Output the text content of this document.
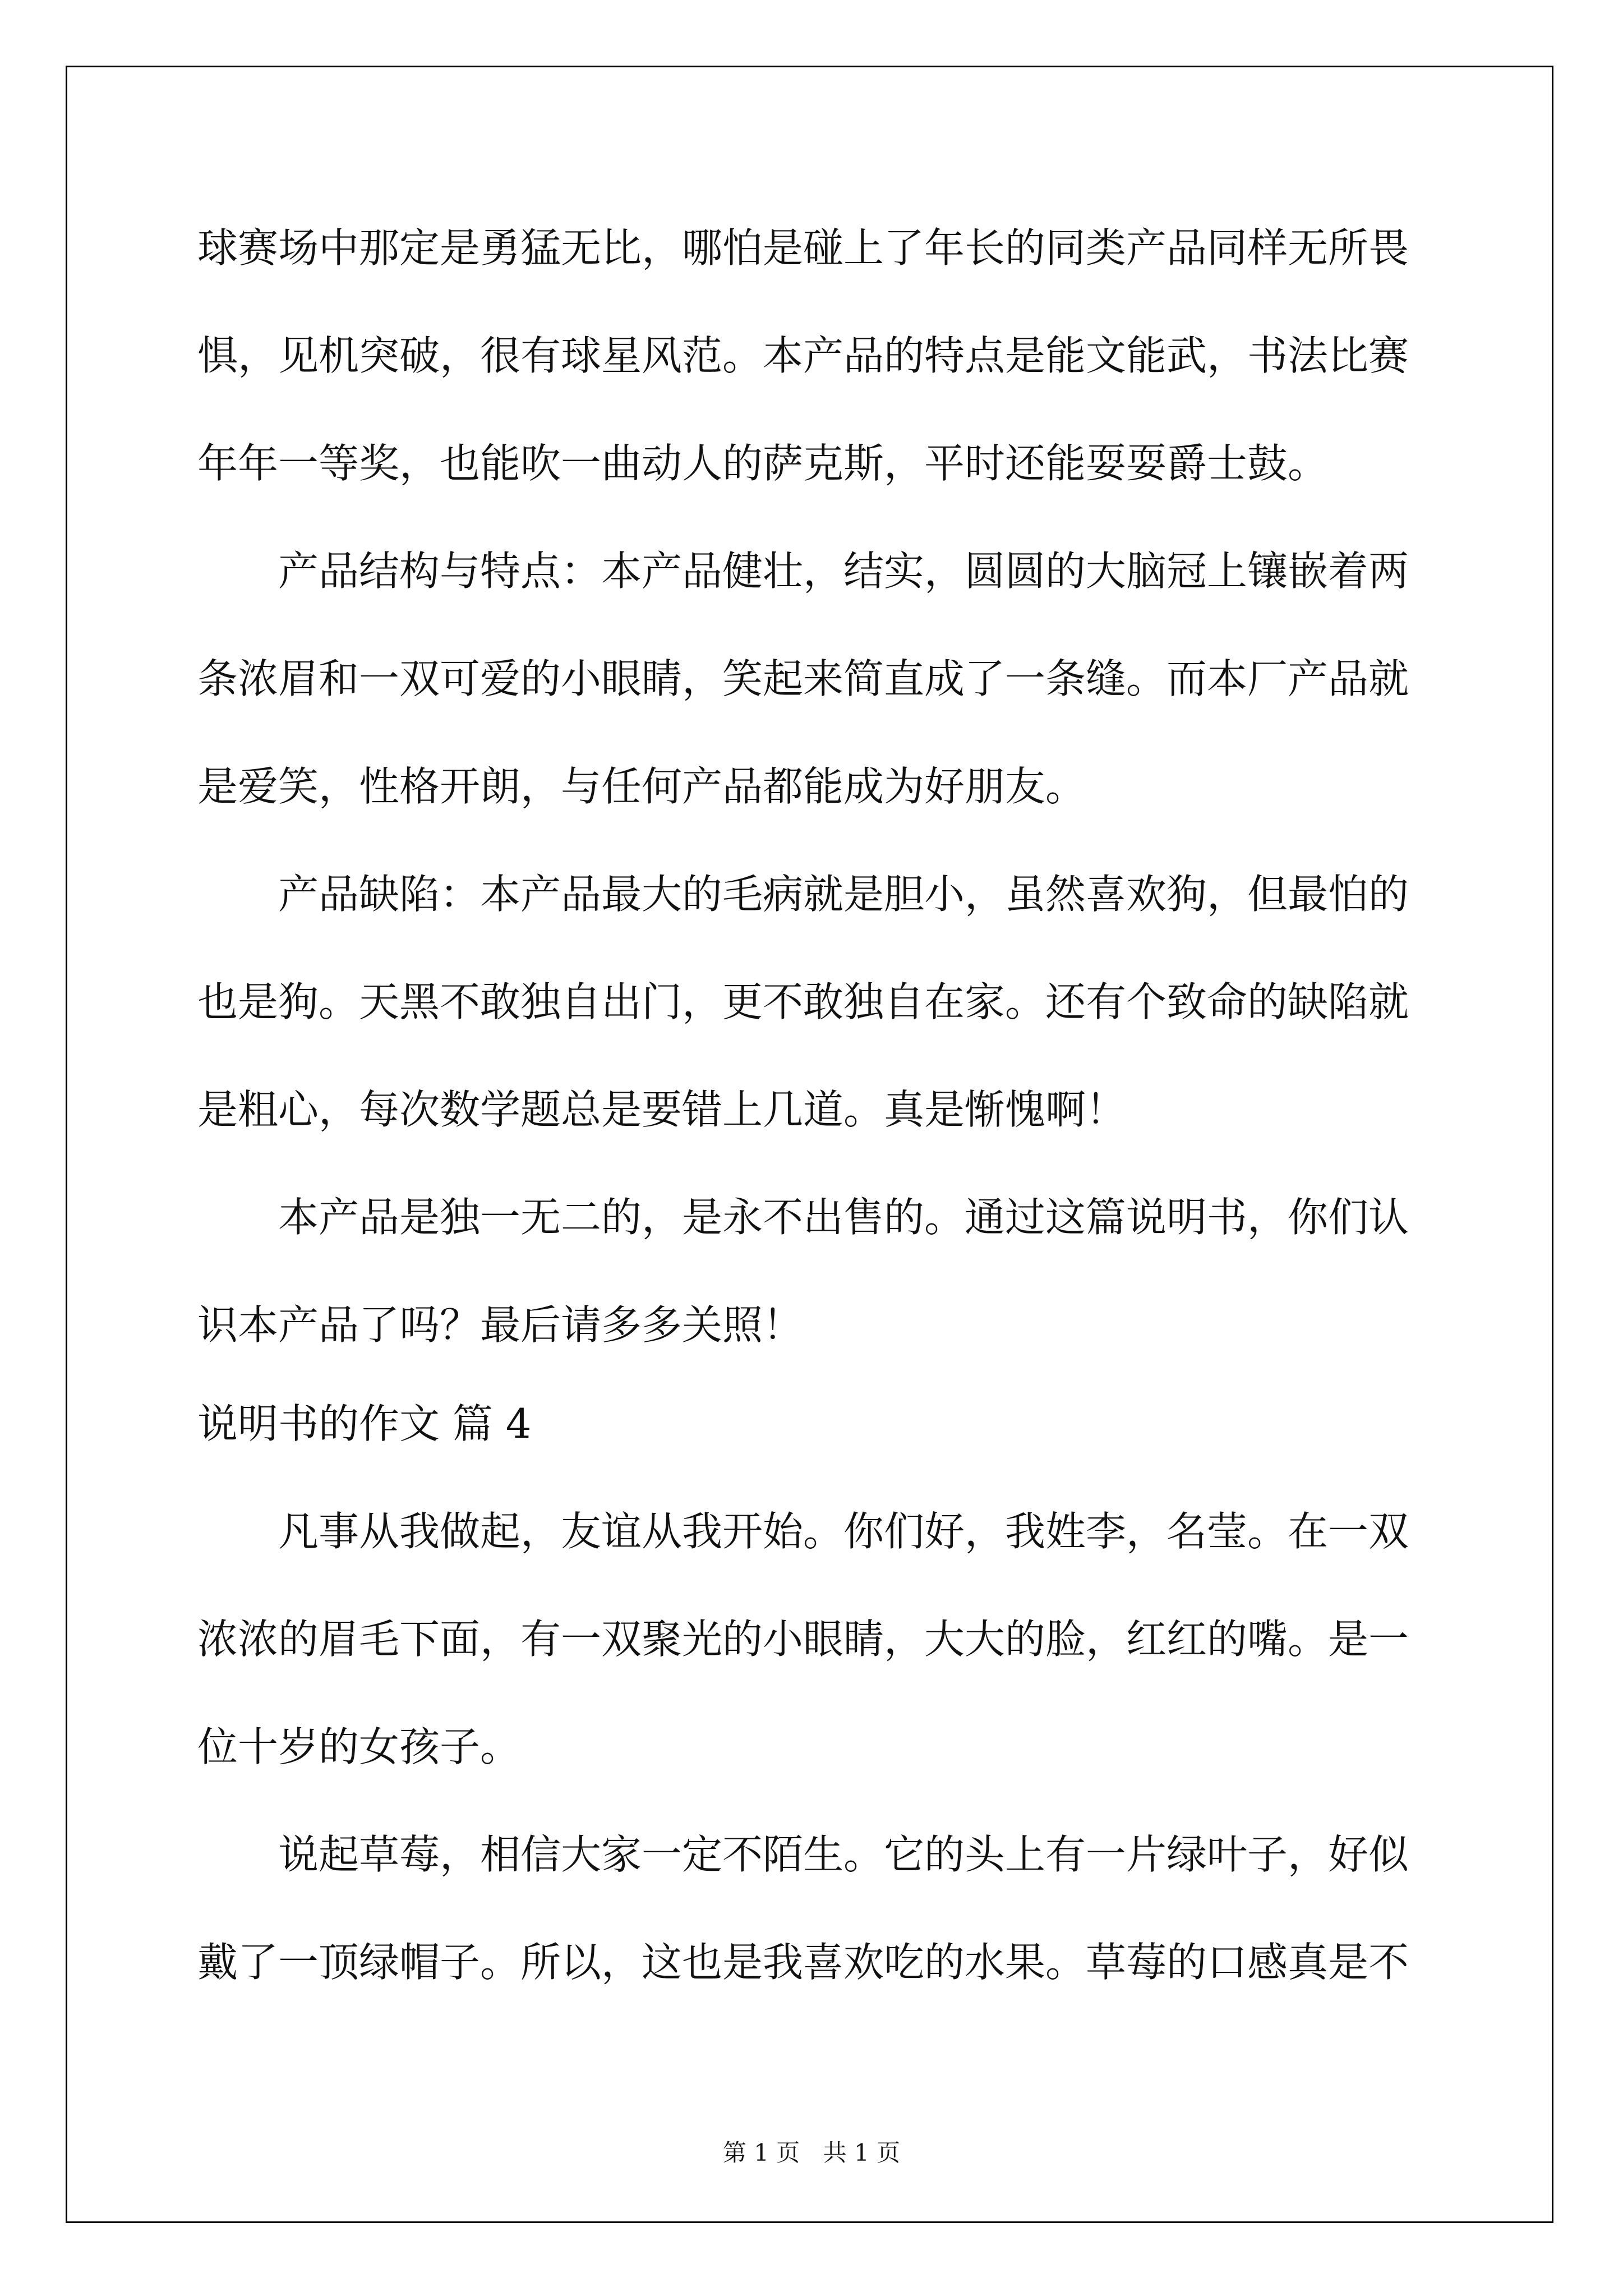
球赛场中那定是勇猛无比，哪怕是碰上了年长的同类产品同样无所畏
惧，见机突破，很有球星风范。本产品的特点是能文能武，书法比赛
年年一等奖，也能吹一曲动人的萨克斯，平时还能耍耍爵士鼓。
产品结构与特点：本产品健壮，结实，圆圆的大脑冠上镶嵌着两
条浓眉和一双可爱的小眼睛，笑起来简直成了一条缝。而本厂产品就
是爱笑，性格开朗，与任何产品都能成为好朋友。
产品缺陷：本产品最大的毛病就是胆小，虽然喜欢狗，但最怕的
也是狗。天黑不敢独自出门，更不敢独自在家。还有个致命的缺陷就
是粗心，每次数学题总是要错上几道。真是惭愧啊！
本产品是独一无二的，是永不出售的。通过这篇说明书，你们认
识本产品了吗？最后请多多关照！
说明书的作文 篇 4
凡事从我做起，友谊从我开始。你们好，我姓李，名莹。在一双
浓浓的眉毛下面，有一双聚光的小眼睛，大大的脸，红红的嘴。是一
位十岁的女孩子。
说起草莓，相信大家一定不陌生。它的头上有一片绿叶子，好似
戴了一顶绿帽子。所以，这也是我喜欢吃的水果。草莓的口感真是不
第 1 页 共 1 页
